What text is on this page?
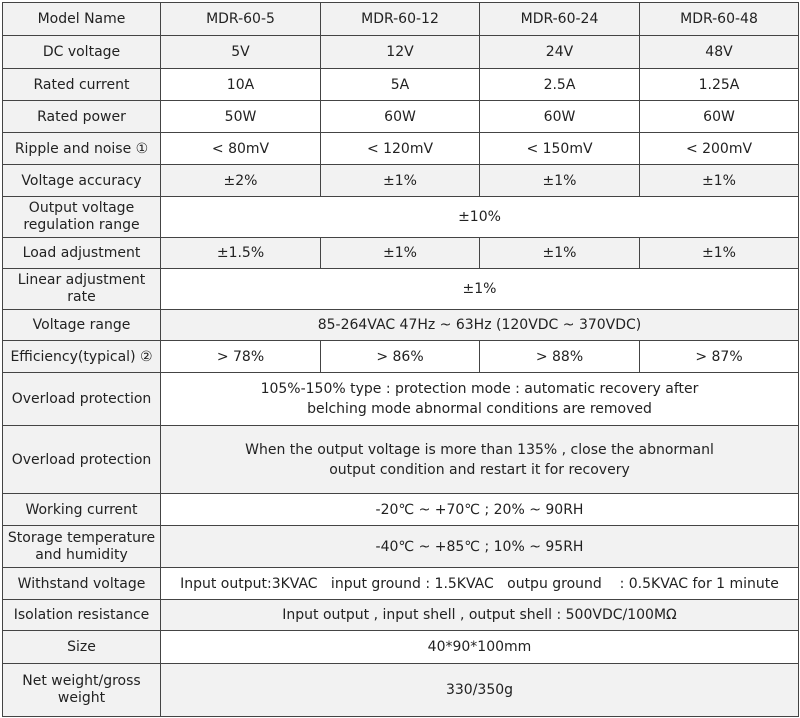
Model Name	MDR-60-5	MDR-60-12	MDR-60-24	MDR-60-48
DC voltage	5V	12V	24V	48V
Rated current	10A	5A	2.5A	1.25A
Rated power	50W	60W	60W	60W
Ripple and noise ①	< 80mV	< 120mV	< 150mV	< 200mV
Voltage accuracy	±2%	±1%	±1%	±1%
Output voltage regulation range	±10%			
Load adjustment	±1.5%	±1%	±1%	±1%
Linear adjustment rate	±1%			
Voltage range	85-264VAC 47Hz ~ 63Hz (120VDC ~ 370VDC)			
Efficiency(typical) ②	> 78%	> 86%	> 88%	> 87%
Overload protection	105%-150% type : protection mode : automatic recovery after
belching mode abnormal conditions are removed			

Overload protection	When the output voltage is more than 135% , close the abnormanl
output condition and restart it for recovery			

Working current	-20℃ ~ +70℃ ; 20% ~ 90RH			
Storage temperature and humidity	-40℃ ~ +85℃ ; 10% ~ 95RH			
Withstand voltage	Input output:3KVAC   input ground : 1.5KVAC   outpu ground    : 0.5KVAC for 1 minute			
Isolation resistance	Input output , input shell , output shell : 500VDC/100MΩ			
Size	40*90*100mm			
Net weight/gross weight	330/350g			
